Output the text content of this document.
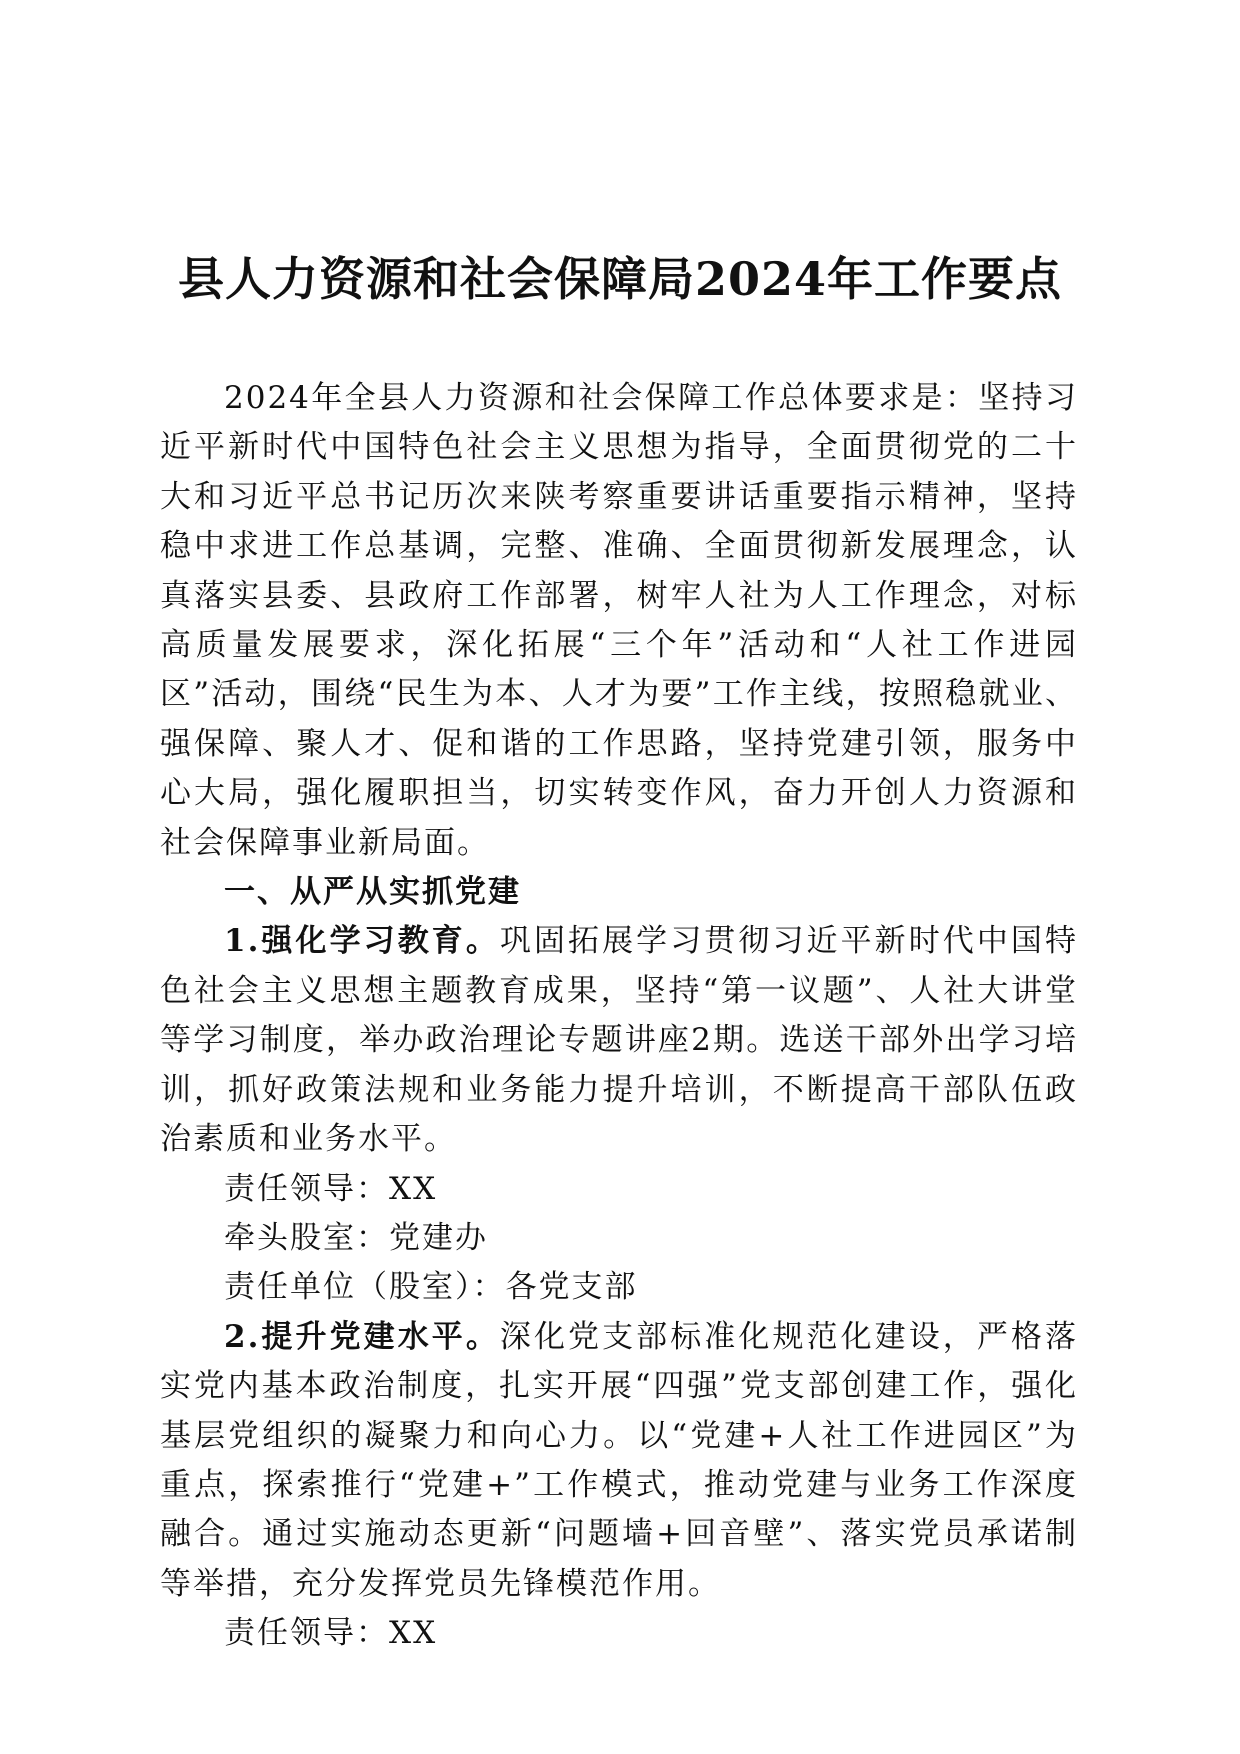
县人力资源和社会保障局2024年工作要点

2024年全县人力资源和社会保障工作总体要求是：坚持习近平新时代中国特色社会主义思想为指导，全面贯彻党的二十大和习近平总书记历次来陕考察重要讲话重要指示精神，坚持稳中求进工作总基调，完整、准确、全面贯彻新发展理念，认真落实县委、县政府工作部署，树牢人社为人工作理念，对标高质量发展要求，深化拓展“三个年”活动和“人社工作进园区”活动，围绕“民生为本、人才为要”工作主线，按照稳就业、强保障、聚人才、促和谐的工作思路，坚持党建引领，服务中心大局，强化履职担当，切实转变作风，奋力开创人力资源和社会保障事业新局面。

一、从严从实抓党建

1.强化学习教育。巩固拓展学习贯彻习近平新时代中国特色社会主义思想主题教育成果，坚持“第一议题”、人社大讲堂等学习制度，举办政治理论专题讲座2期。选送干部外出学习培训，抓好政策法规和业务能力提升培训，不断提高干部队伍政治素质和业务水平。

责任领导：XX

牵头股室：党建办

责任单位（股室）：各党支部

2.提升党建水平。深化党支部标准化规范化建设，严格落实党内基本政治制度，扎实开展“四强”党支部创建工作，强化基层党组织的凝聚力和向心力。以“党建+人社工作进园区”为重点，探索推行“党建+”工作模式，推动党建与业务工作深度融合。通过实施动态更新“问题墙+回音壁”、落实党员承诺制等举措，充分发挥党员先锋模范作用。

责任领导：XX
